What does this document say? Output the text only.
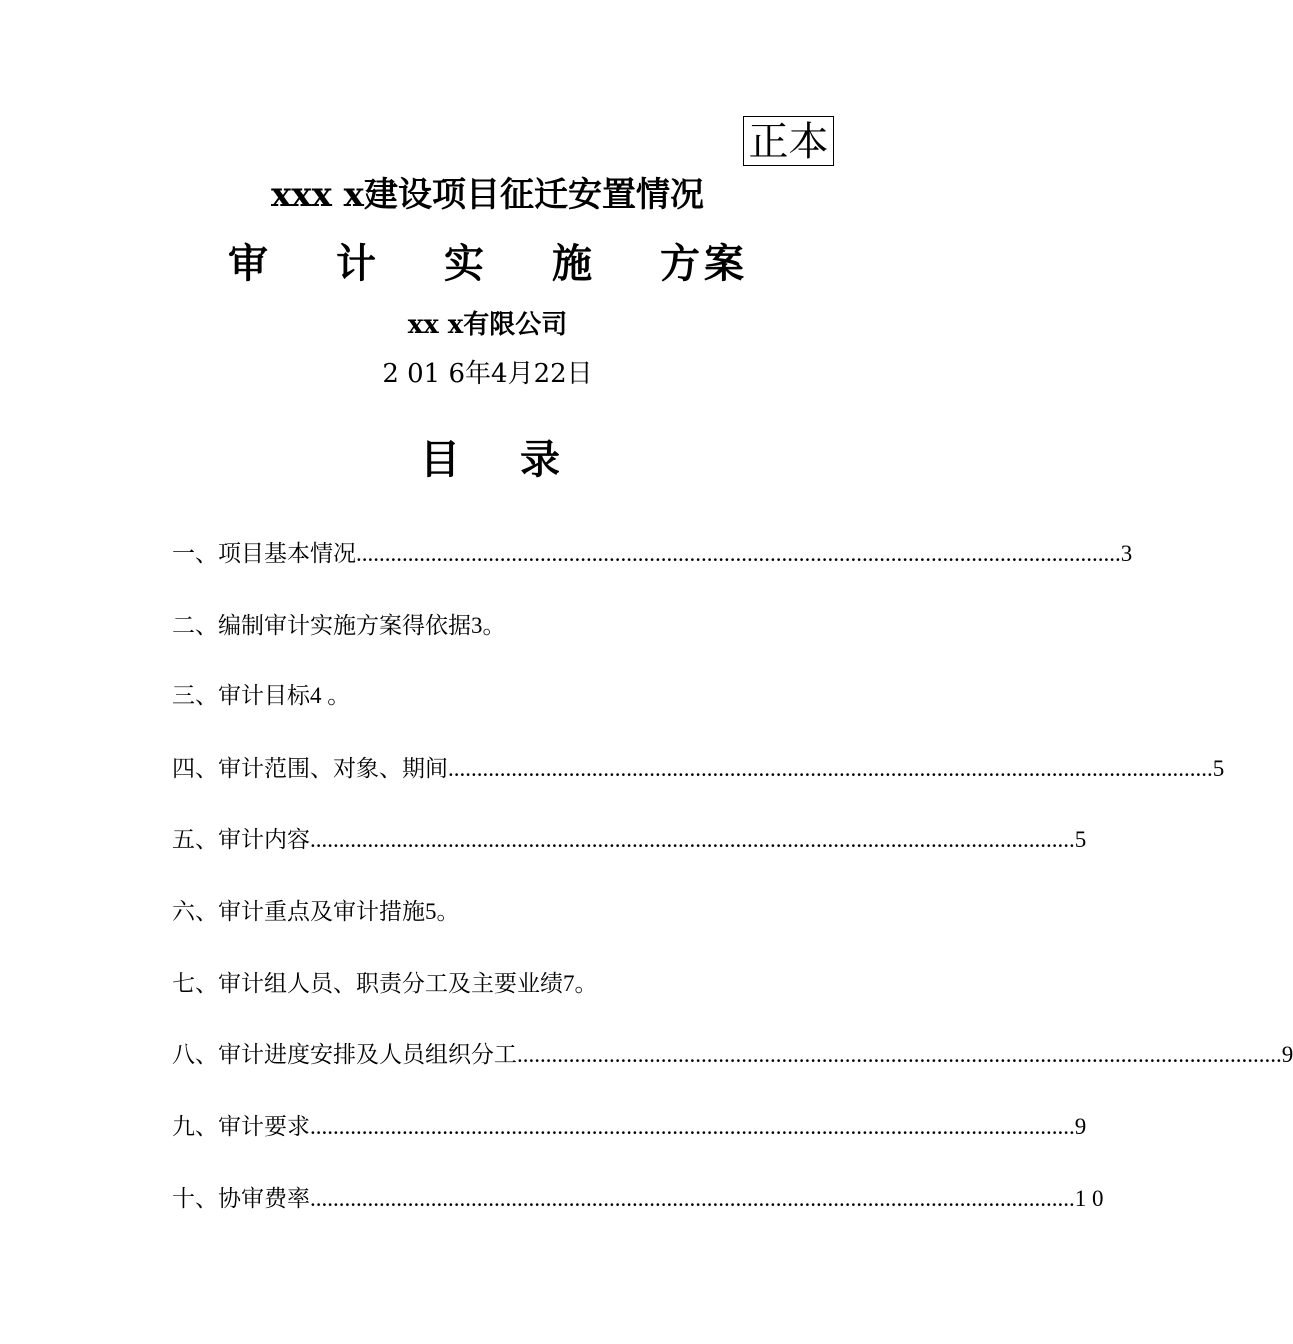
正本
xxx x建设项目征迁安置情况
审 计 实 施 方案
xx x有限公司
2 01 6年4月22日
目 录
一、项目基本情况 ..................................................................................................................................... 3
二、编制审计实施方案得依据 3。
三、审计目标 4 。
四、审计范围、对象、期间 ..................................................................................................................................... 5
五、审计内容 ..................................................................................................................................... 5
六、审计重点及审计措施 5。
七、审计组人员、职责分工及主要业绩 7。
八、审计进度安排及人员组织分工 ..................................................................................................................................... 9
九、审计要求 ..................................................................................................................................... 9
十、协审费率 ..................................................................................................................................... 1 0
